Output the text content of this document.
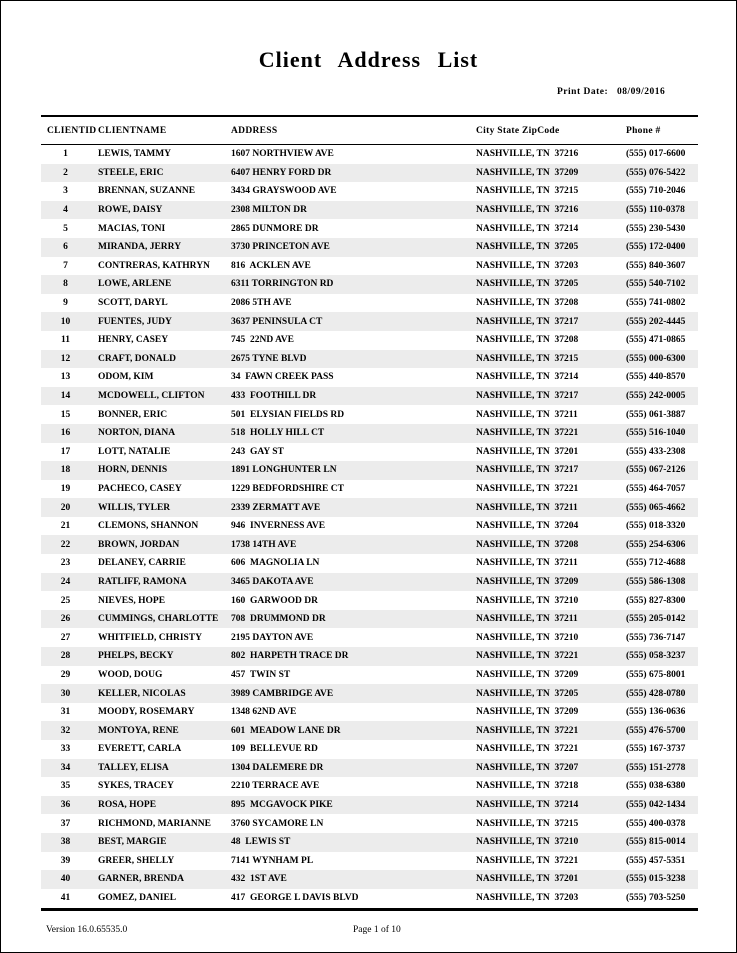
Client Address List
Print Date: 08/09/2016
CLIENTID CLIENTNAME	ADDRESS	City State ZipCode	Phone #
1	LEWIS, TAMMY	1607 NORTHVIEW AVE	NASHVILLE, TN  37216	(555) 017-6600
2	STEELE, ERIC	6407 HENRY FORD DR	NASHVILLE, TN  37209	(555) 076-5422
3	BRENNAN, SUZANNE	3434 GRAYSWOOD AVE	NASHVILLE, TN  37215	(555) 710-2046
4	ROWE, DAISY	2308 MILTON DR	NASHVILLE, TN  37216	(555) 110-0378
5	MACIAS, TONI	2865 DUNMORE DR	NASHVILLE, TN  37214	(555) 230-5430
6	MIRANDA, JERRY	3730 PRINCETON AVE	NASHVILLE, TN  37205	(555) 172-0400
7	CONTRERAS, KATHRYN	816  ACKLEN AVE	NASHVILLE, TN  37203	(555) 840-3607
8	LOWE, ARLENE	6311 TORRINGTON RD	NASHVILLE, TN  37205	(555) 540-7102
9	SCOTT, DARYL	2086 5TH AVE	NASHVILLE, TN  37208	(555) 741-0802
10	FUENTES, JUDY	3637 PENINSULA CT	NASHVILLE, TN  37217	(555) 202-4445
11	HENRY, CASEY	745  22ND AVE	NASHVILLE, TN  37208	(555) 471-0865
12	CRAFT, DONALD	2675 TYNE BLVD	NASHVILLE, TN  37215	(555) 000-6300
13	ODOM, KIM	34  FAWN CREEK PASS	NASHVILLE, TN  37214	(555) 440-8570
14	MCDOWELL, CLIFTON	433  FOOTHILL DR	NASHVILLE, TN  37217	(555) 242-0005
15	BONNER, ERIC	501  ELYSIAN FIELDS RD	NASHVILLE, TN  37211	(555) 061-3887
16	NORTON, DIANA	518  HOLLY HILL CT	NASHVILLE, TN  37221	(555) 516-1040
17	LOTT, NATALIE	243  GAY ST	NASHVILLE, TN  37201	(555) 433-2308
18	HORN, DENNIS	1891 LONGHUNTER LN	NASHVILLE, TN  37217	(555) 067-2126
19	PACHECO, CASEY	1229 BEDFORDSHIRE CT	NASHVILLE, TN  37221	(555) 464-7057
20	WILLIS, TYLER	2339 ZERMATT AVE	NASHVILLE, TN  37211	(555) 065-4662
21	CLEMONS, SHANNON	946  INVERNESS AVE	NASHVILLE, TN  37204	(555) 018-3320
22	BROWN, JORDAN	1738 14TH AVE	NASHVILLE, TN  37208	(555) 254-6306
23	DELANEY, CARRIE	606  MAGNOLIA LN	NASHVILLE, TN  37211	(555) 712-4688
24	RATLIFF, RAMONA	3465 DAKOTA AVE	NASHVILLE, TN  37209	(555) 586-1308
25	NIEVES, HOPE	160  GARWOOD DR	NASHVILLE, TN  37210	(555) 827-8300
26	CUMMINGS, CHARLOTTE	708  DRUMMOND DR	NASHVILLE, TN  37211	(555) 205-0142
27	WHITFIELD, CHRISTY	2195 DAYTON AVE	NASHVILLE, TN  37210	(555) 736-7147
28	PHELPS, BECKY	802  HARPETH TRACE DR	NASHVILLE, TN  37221	(555) 058-3237
29	WOOD, DOUG	457  TWIN ST	NASHVILLE, TN  37209	(555) 675-8001
30	KELLER, NICOLAS	3989 CAMBRIDGE AVE	NASHVILLE, TN  37205	(555) 428-0780
31	MOODY, ROSEMARY	1348 62ND AVE	NASHVILLE, TN  37209	(555) 136-0636
32	MONTOYA, RENE	601  MEADOW LANE DR	NASHVILLE, TN  37221	(555) 476-5700
33	EVERETT, CARLA	109  BELLEVUE RD	NASHVILLE, TN  37221	(555) 167-3737
34	TALLEY, ELISA	1304 DALEMERE DR	NASHVILLE, TN  37207	(555) 151-2778
35	SYKES, TRACEY	2210 TERRACE AVE	NASHVILLE, TN  37218	(555) 038-6380
36	ROSA, HOPE	895  MCGAVOCK PIKE	NASHVILLE, TN  37214	(555) 042-1434
37	RICHMOND, MARIANNE	3760 SYCAMORE LN	NASHVILLE, TN  37215	(555) 400-0378
38	BEST, MARGIE	48  LEWIS ST	NASHVILLE, TN  37210	(555) 815-0014
39	GREER, SHELLY	7141 WYNHAM PL	NASHVILLE, TN  37221	(555) 457-5351
40	GARNER, BRENDA	432  1ST AVE	NASHVILLE, TN  37201	(555) 015-3238
41	GOMEZ, DANIEL	417  GEORGE L DAVIS BLVD	NASHVILLE, TN  37203	(555) 703-5250
Version 16.0.65535.0	Page 1 of 10
